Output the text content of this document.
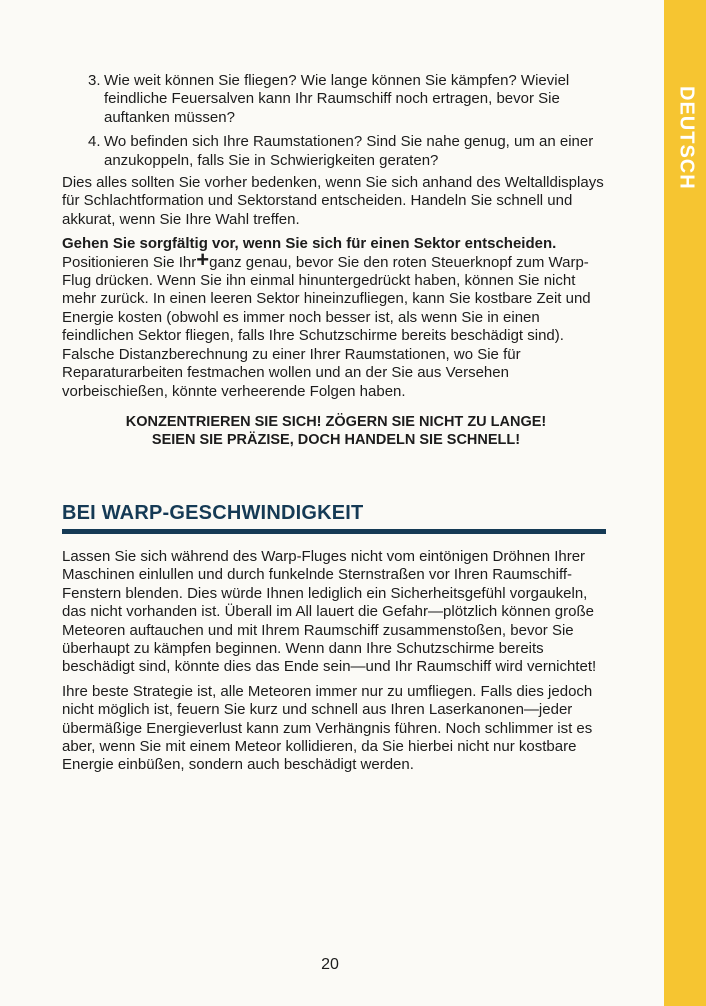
DEUTSCH
3. Wie weit können Sie fliegen? Wie lange können Sie kämpfen? Wieviel feindliche Feuersalven kann Ihr Raumschiff noch ertragen, bevor Sie auftanken müssen?
4. Wo befinden sich Ihre Raumstationen? Sind Sie nahe genug, um an einer anzukoppeln, falls Sie in Schwierigkeiten geraten?

Dies alles sollten Sie vorher bedenken, wenn Sie sich anhand des Weltalldisplays für Schlachtformation und Sektorstand entscheiden. Handeln Sie schnell und akkurat, wenn Sie Ihre Wahl treffen.

Gehen Sie sorgfältig vor, wenn Sie sich für einen Sektor entscheiden. Positionieren Sie Ihr+ganz genau, bevor Sie den roten Steuerknopf zum Warp-Flug drücken. Wenn Sie ihn einmal hinuntergedrückt haben, können Sie nicht mehr zurück. In einen leeren Sektor hineinzufliegen, kann Sie kostbare Zeit und Energie kosten (obwohl es immer noch besser ist, als wenn Sie in einen feindlichen Sektor fliegen, falls Ihre Schutzschirme bereits beschädigt sind). Falsche Distanzberechnung zu einer Ihrer Raumstationen, wo Sie für Reparaturarbeiten festmachen wollen und an der Sie aus Versehen vorbeischießen, könnte verheerende Folgen haben.

KONZENTRIEREN SIE SICH! ZÖGERN SIE NICHT ZU LANGE!
SEIEN SIE PRÄZISE, DOCH HANDELN SIE SCHNELL!
BEI WARP-GESCHWINDIGKEIT

Lassen Sie sich während des Warp-Fluges nicht vom eintönigen Dröhnen Ihrer Maschinen einlullen und durch funkelnde Sternstraßen vor Ihren Raumschiff-Fenstern blenden. Dies würde Ihnen lediglich ein Sicherheitsgefühl vorgaukeln, das nicht vorhanden ist. Überall im All lauert die Gefahr—plötzlich können große Meteoren auftauchen und mit Ihrem Raumschiff zusammenstoßen, bevor Sie überhaupt zu kämpfen beginnen. Wenn dann Ihre Schutzschirme bereits beschädigt sind, könnte dies das Ende sein—und Ihr Raumschiff wird vernichtet!

Ihre beste Strategie ist, alle Meteoren immer nur zu umfliegen. Falls dies jedoch nicht möglich ist, feuern Sie kurz und schnell aus Ihren Laserkanonen—jeder übermäßige Energieverlust kann zum Verhängnis führen. Noch schlimmer ist es aber, wenn Sie mit einem Meteor kollidieren, da Sie hierbei nicht nur kostbare Energie einbüßen, sondern auch beschädigt werden.

20
